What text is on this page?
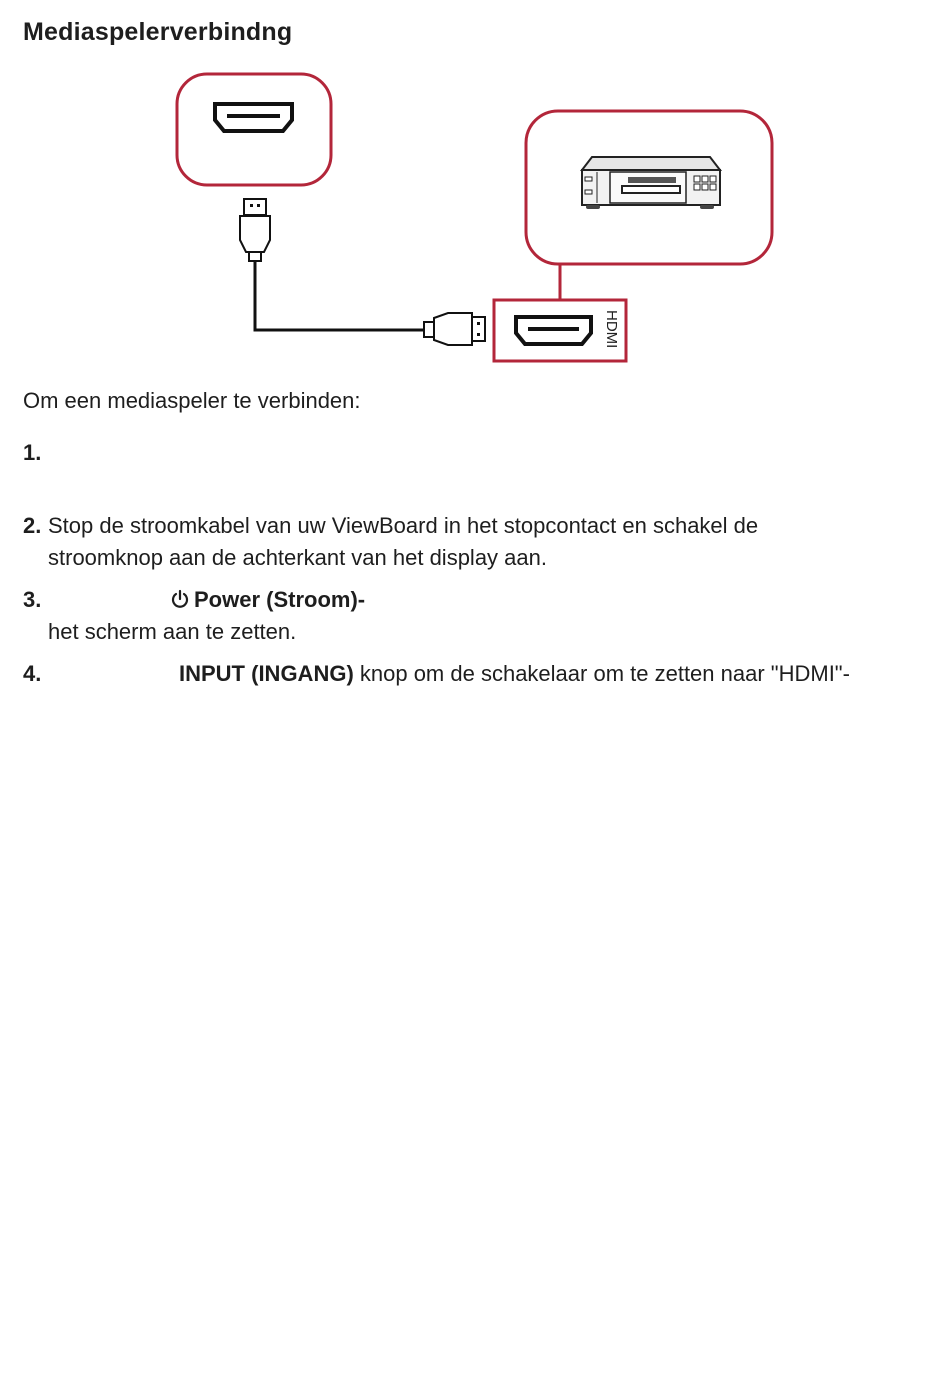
Mediaspelerverbindng
HDMI
Om een mediaspeler te verbinden:
1.
2. Stop de stroomkabel van uw ViewBoard in het stopcontact en schakel de
stroomknop aan de achterkant van het display aan.
3.	Power (Stroom)-
het scherm aan te zetten.
4.	INPUT (INGANG) knop om de schakelaar om te zetten naar "HDMI"-
